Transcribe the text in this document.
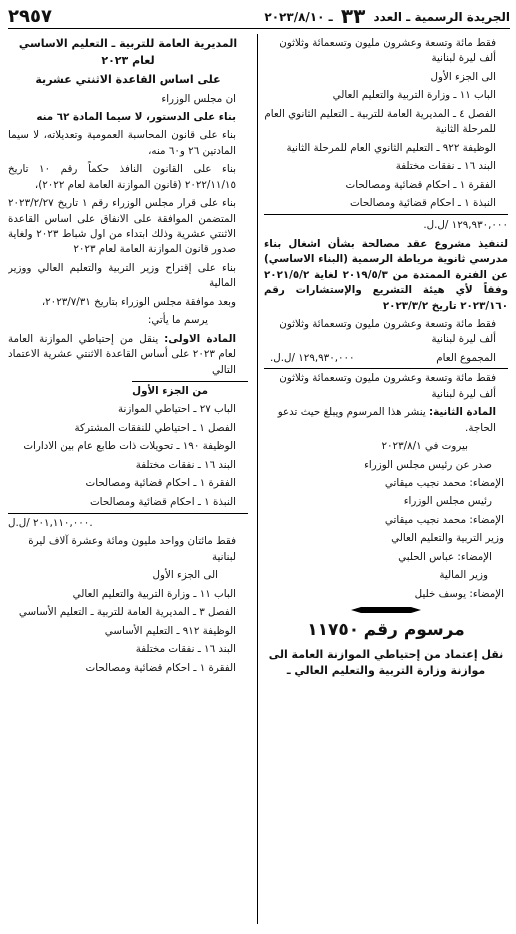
الجريدة الرسمية ـ العدد ٣٣ ـ ٢٠٢٣/٨/١٠
٢٩٥٧

فقط مائة وتسعة وعشرون مليون وتسعمائة وثلاثون ألف ليرة لبنانية

الى الجزء الأول

الباب ١١ ـ وزارة التربية والتعليم العالي

الفصل ٤ ـ المديرية العامة للتربية ـ التعليم الثانوي العام للمرحلة الثانية

الوظيفة ٩٢٢ ـ التعليم الثانوي العام للمرحلة الثانية

البند ١٦ ـ نفقات مختلفة

الفقرة ١ ـ احكام قضائية ومصالحات

النبذة ١ ـ احكام قضائية ومصالحات

١٢٩,٩٣٠,٠٠٠ /ل.ل.

لتنفيذ مشروع عقد مصالحة بشأن اشغال بناء مدرسي ثانوية مرياطة الرسمية (البناء الاساسي) عن الفترة الممتدة من ٢٠١٩/٥/٣ لغاية ٢٠٢١/٥/٢ وفقاً لأي هيئة التشريع والإستشارات رقم ٢٠٢٣/١٦٠ تاريخ ٢٠٢٣/٣/٢

فقط مائة وتسعة وعشرون مليون وتسعمائة وثلاثون ألف ليرة لبنانية

المجموع العام
١٢٩,٩٣٠,٠٠٠ /ل.ل.

فقط مائة وتسعة وعشرون مليون وتسعمائة وثلاثون ألف ليرة لبنانية

المادة الثانية: ينشر هذا المرسوم ويبلغ حيث تدعو الحاجة.

بيروت في ٢٠٢٣/٨/١

صدر عن رئيس مجلس الوزراء

الإمضاء: محمد نجيب ميقاتي

رئيس مجلس الوزراء

الإمضاء: محمد نجيب ميقاتي

وزير التربية والتعليم العالي

الإمضاء: عباس الحلبي

وزير المالية

الإمضاء: يوسف خليل

مرسوم رقم ١١٧٥٠

نقل إعتماد من إحتياطي الموازنة العامة الى موازنة وزارة التربية والتعليم العالي ـ

المديرية العامة للتربية ـ التعليم الاساسي لعام ٢٠٢٣

على اساس القاعدة الاثنتي عشرية

ان مجلس الوزراء

بناء على الدستور، لا سيما المادة ٦٢ منه

بناء على قانون المحاسبة العمومية وتعديلاته، لا سيما المادتين ٢٦ و٦٠ منه،

بناء على القانون النافذ حكماً رقم ١٠ تاريخ ٢٠٢٢/١١/١٥ (قانون الموازنة العامة لعام ٢٠٢٢)،

بناء على قرار مجلس الوزراء رقم ١ تاريخ ٢٠٢٣/٢/٢٧ المتضمن الموافقة على الانفاق على اساس القاعدة الاثنتي عشرية وذلك ابتداء من اول شباط ٢٠٢٣ ولغاية صدور قانون الموازنة العامة لعام ٢٠٢٣

بناء على إقتراح وزير التربية والتعليم العالي ووزير المالية

وبعد موافقة مجلس الوزراء بتاريخ ٢٠٢٣/٧/٣١،

يرسم ما يأتي:

المادة الاولى: ينقل من إحتياطي الموازنة العامة لعام ٢٠٢٣ على أساس القاعدة الاثنتي عشرية الاعتماد التالي

من الجزء الأول

الباب ٢٧ ـ احتياطي الموازنة

الفصل ١ ـ احتياطي للنفقات المشتركة

الوظيفة ١٩٠ ـ تحويلات ذات طابع عام بين الادارات

البند ١٦ ـ نفقات مختلفة

الفقرة ١ ـ احكام قضائية ومصالحات

النبذة ١ ـ احكام قضائية ومصالحات

٢٠١,١١٠,٠٠٠ /ل.ل.

فقط مائتان وواحد مليون ومائة وعشرة آلاف ليرة لبنانية

الى الجزء الأول

الباب ١١ ـ وزارة التربية والتعليم العالي

الفصل ٣ ـ المديرية العامة للتربية ـ التعليم الأساسي

الوظيفة ٩١٢ ـ التعليم الأساسي

البند ١٦ ـ نفقات مختلفة

الفقرة ١ ـ احكام قضائية ومصالحات
